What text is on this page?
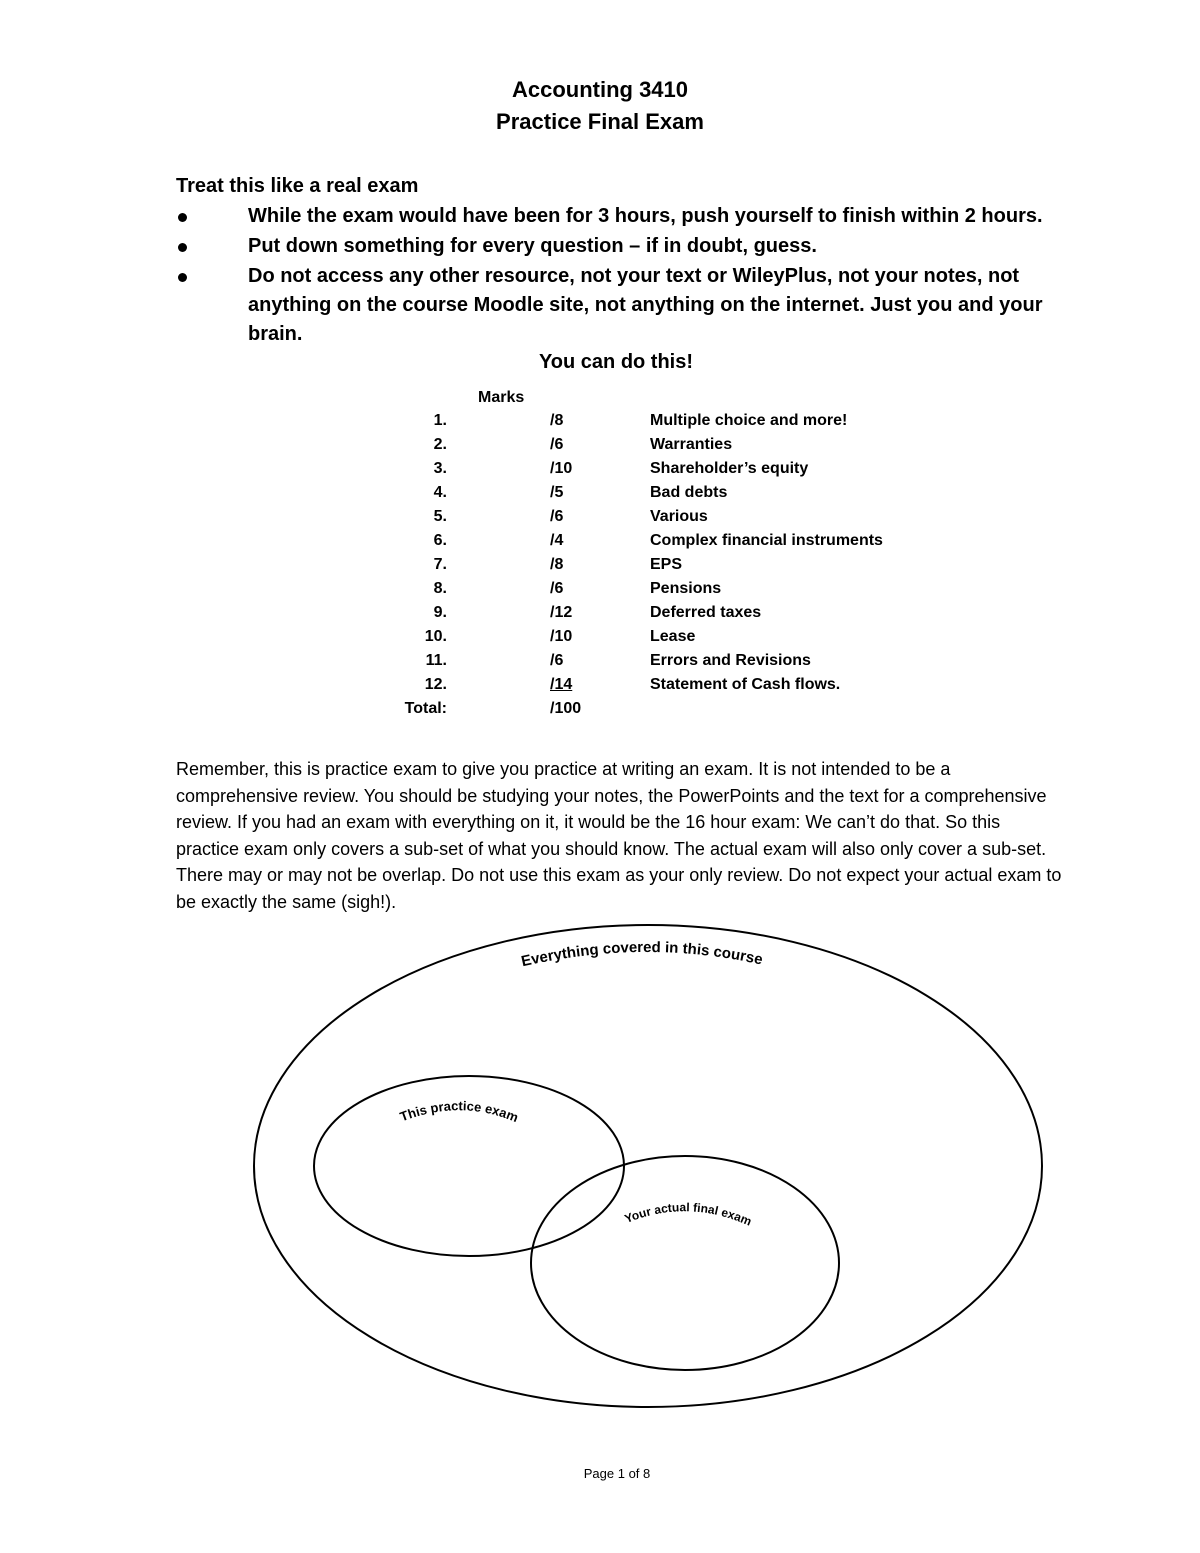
Accounting 3410
Practice Final Exam
Treat this like a real exam
While the exam would have been for 3 hours, push yourself to finish within 2 hours.
Put down something for every question – if in doubt, guess.
Do not access any other resource, not your text or WileyPlus, not your notes, not anything on the course Moodle site, not anything on the internet. Just you and your brain.
You can do this!
Marks
1.	/8	Multiple choice and more!
2.	/6	Warranties
3.	/10	Shareholder’s equity
4.	/5	Bad debts
5.	/6	Various
6.	/4	Complex financial instruments
7.	/8	EPS
8.	/6	Pensions
9.	/12	Deferred taxes
10.	/10	Lease
11.	/6	Errors and Revisions
12.	/14	Statement of Cash flows.
Total:	/100

Remember, this is practice exam to give you practice at writing an exam. It is not intended to be a comprehensive review. You should be studying your notes, the PowerPoints and the text for a comprehensive review. If you had an exam with everything on it, it would be the 16 hour exam: We can’t do that. So this practice exam only covers a sub-set of what you should know. The actual exam will also only cover a sub-set. There may or may not be overlap. Do not use this exam as your only review. Do not expect your actual exam to be exactly the same (sigh!).

Everything covered in this course
This practice exam
Your actual final exam
Page 1 of 8
